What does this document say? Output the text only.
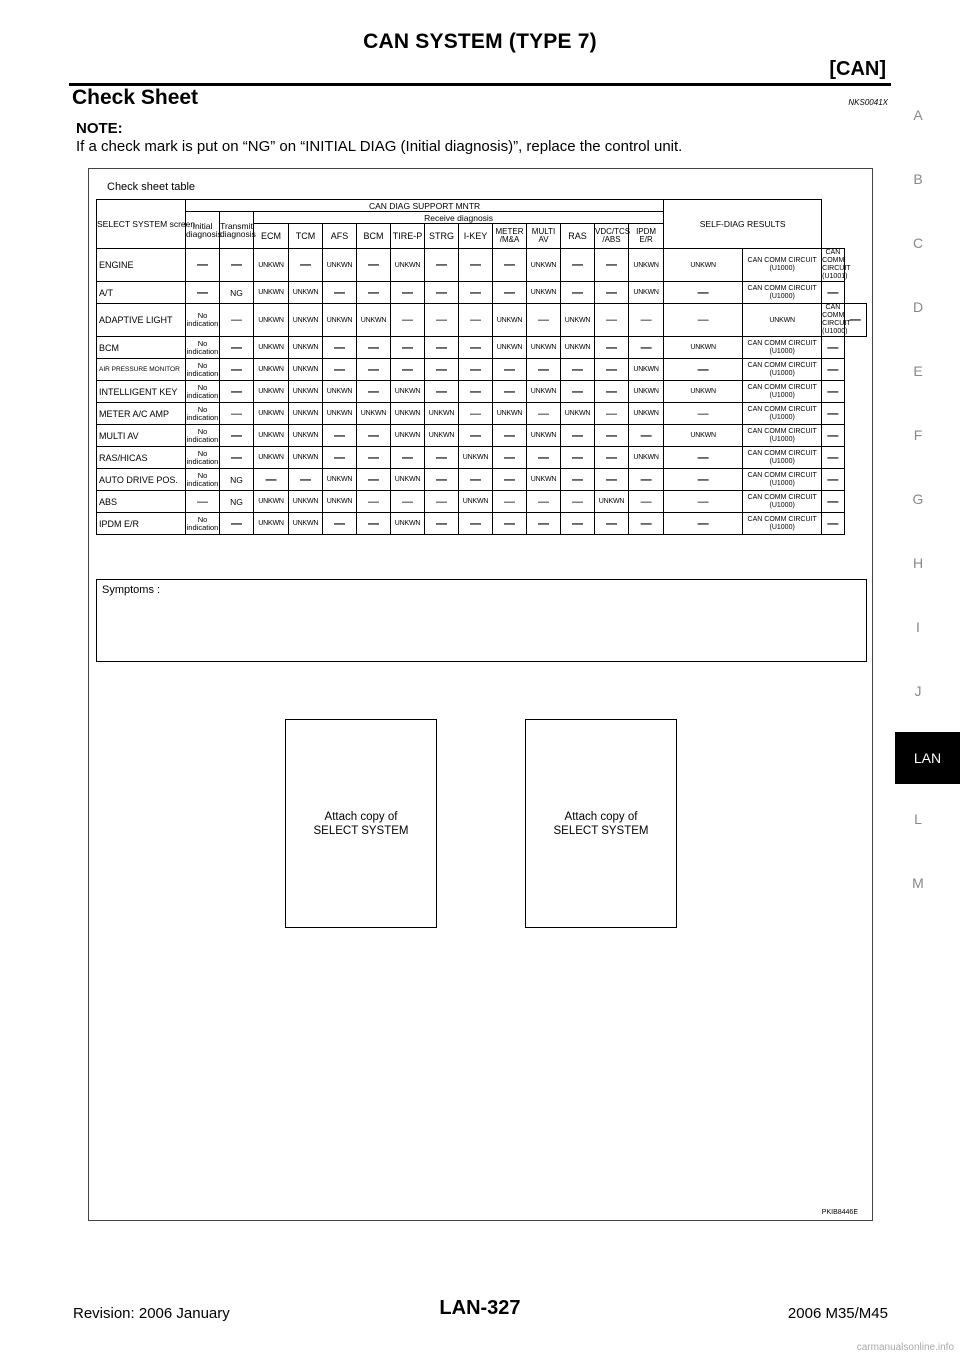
CAN SYSTEM (TYPE 7)
[CAN]
Check Sheet	NKS0041X
NOTE:
If a check mark is put on “NG” on “INITIAL DIAG (Initial diagnosis)”, replace the control unit.
A
B
C
D
E
F
G
H
I
J
LAN
L
M
Check sheet table
SELECT SYSTEM screen	CAN DIAG SUPPORT MNTR														SELF-DIAG RESULTS			
	Initial diagnosis	Transmit diagnosis	Receive diagnosis															
			ECM	TCM	AFS	BCM	TIRE-P	STRG	I-KEY	METER /M&A	MULTI AV	RAS	VDC/TCS /ABS	IPDM E/R				
ENGINE	—	—	UNKWN	—	UNKWN	—	UNKWN	—	—	—	UNKWN	—	—	UNKWN	UNKWN	CAN COMM CIRCUIT (U1000)	CAN COMM CIRCUIT (U1001)	
A/T	—	NG	UNKWN	UNKWN	—	—	—	—	—	—	UNKWN	—	—	UNKWN	—	CAN COMM CIRCUIT (U1000)	—	
ADAPTIVE LIGHT	No indication	—	UNKWN	UNKWN	UNKWN	UNKWN	—	—	—	UNKWN	—	UNKWN	—	—	—	UNKWN	CAN COMM CIRCUIT (U1000)	—
BCM	No indication	—	UNKWN	UNKWN	—	—	—	—	—	UNKWN	UNKWN	UNKWN	—	—	UNKWN	CAN COMM CIRCUIT (U1000)	—	
AIR PRESSURE MONITOR	No indication	—	UNKWN	UNKWN	—	—	—	—	—	—	—	—	—	UNKWN	—	CAN COMM CIRCUIT (U1000)	—	
INTELLIGENT KEY	No indication	—	UNKWN	UNKWN	UNKWN	—	UNKWN	—	—	—	UNKWN	—	—	UNKWN	UNKWN	CAN COMM CIRCUIT (U1000)	—	
METER A/C AMP	No indication	—	UNKWN	UNKWN	UNKWN	UNKWN	UNKWN	UNKWN	—	UNKWN	—	UNKWN	—	UNKWN	—	CAN COMM CIRCUIT (U1000)	—	
MULTI AV	No indication	—	UNKWN	UNKWN	—	—	UNKWN	UNKWN	—	—	UNKWN	—	—	—	UNKWN	CAN COMM CIRCUIT (U1000)	—	
RAS/HICAS	No indication	—	UNKWN	UNKWN	—	—	—	—	UNKWN	—	—	—	—	UNKWN	—	CAN COMM CIRCUIT (U1000)	—	
AUTO DRIVE POS.	No indication	NG	—	—	UNKWN	—	UNKWN	—	—	—	UNKWN	—	—	—	—	CAN COMM CIRCUIT (U1000)	—	
ABS	—	NG	UNKWN	UNKWN	UNKWN	—	—	—	UNKWN	—	—	—	UNKWN	—	—	CAN COMM CIRCUIT (U1000)	—	
IPDM E/R	No indication	—	UNKWN	UNKWN	—	—	UNKWN	—	—	—	—	—	—	—	—	CAN COMM CIRCUIT (U1000)	—	
Symptoms :
Attach copy of
SELECT SYSTEM
Attach copy of
SELECT SYSTEM
PKIB8446E
Revision: 2006 January	LAN-327	2006 M35/M45
carmanualsonline.info
